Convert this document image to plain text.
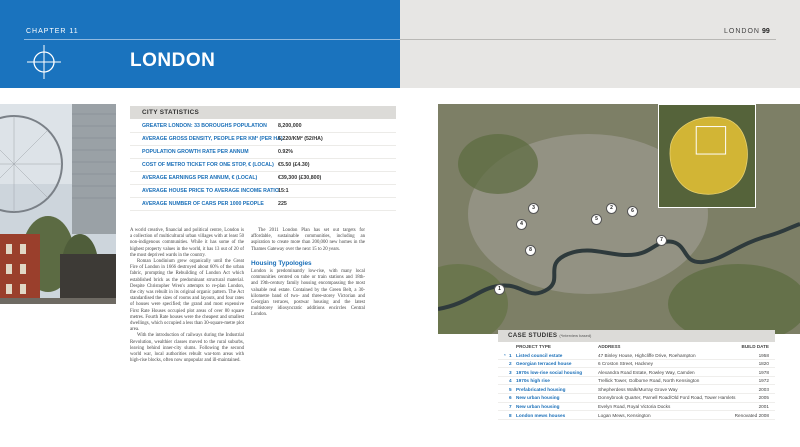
CHAPTER 11
LONDON
LONDON 99
CITY STATISTICS
GREATER LONDON: 33 BOROUGHS POPULATION 8,200,000
AVERAGE GROSS DENSITY, PEOPLE PER KM² (PER HA)
5,220/KM² (52/HA)
POPULATION GROWTH RATE PER ANNUM	0.92%
COST OF METRO TICKET FOR ONE STOP, € (LOCAL) €5.50 (£4.30)
AVERAGE EARNINGS PER ANNUM, € (LOCAL)	€39,300 (£30,800)
AVERAGE HOUSE PRICE TO AVERAGE INCOME RATIO 15:1
AVERAGE NUMBER OF CARS PER 1000 PEOPLE	225

A world creative, financial and political centre, London is a collection of multicultural urban villages with at least 50 non-indigenous communities. While it has some of the highest property values in the world, it has 13 out of 20 of the most deprived wards in the country.

Roman Londinium grew organically until the Great Fire of London in 1666 destroyed about 60% of the urban fabric, prompting the Rebuilding of London Act which established brick as the predominant structural material. Despite Christopher Wren's attempts to re-plan London, the city was rebuilt in its original organic pattern. The Act standardised the sizes of rooms and layouts, and four rates of houses were specified; the grand and most expensive First Rate Houses occupied plot areas of over 80 square metres. Fourth Rate houses were the cheapest and smallest dwellings, which occupied a less than 30-square-metre plot area.

With the introduction of railways during the Industrial Revolution, wealthier classes moved to the rural suburbs, leaving behind inner-city slums. Following the second world war, local authorities rebuilt war-torn areas with high-rise blocks, often now unpopular and ill-maintained.

The 2011 London Plan has set out targets for affordable, sustainable communities, including an aspiration to create more than 200,000 new homes in the Thames Gateway over the next 15 to 20 years.

Housing Typologies

London is predominantly low-rise, with many local communities centred on tube or train stations and 18th- and 19th-century family housing encompassing the most valuable real estate. Contained by the Green Belt, a 30-kilometre band of two- and three-storey Victorian and Georgian terraces, postwar housing and the latest multistorey idiosyncratic additions encircles Central London.

1
2
3
4
5
6
7
8
CASE STUDIES (*interview based)
PROJECT TYPE	ADDRESS	BUILD DATE
* 1 Listed council estate	47 Binley House, Highcliffe Drive, Roehampton	1958
2 Georgian terraced house	6 Croston Street, Hackney	1820
3 1970s low-rise social housing	Alexandra Road Estate, Rowley Way, Camden	1978
4 1970s high rise	Trellick Tower, Golborne Road, North Kensington	1972
5 Prefabricated housing	Shepherdess Walk/Murray Grove Way	2003
6 New urban housing	Donnybrook Quarter, Parnell Road/Old Ford Road, Tower Hamlets	2005
7 New urban housing	Evelyn Road, Royal Victoria Docks	2001
8 London mews houses	Logan Mews, Kensington	Renovated 2008
